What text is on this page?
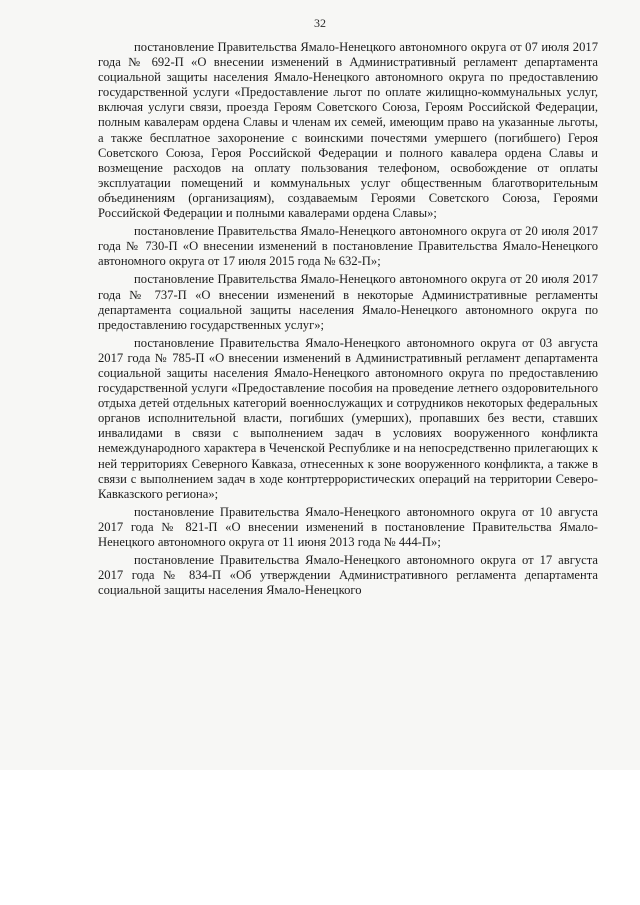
32

постановление Правительства Ямало-Ненецкого автономного округа от 07 июля 2017 года № 692-П «О внесении изменений в Административный регламент департамента социальной защиты населения Ямало-Ненецкого автономного округа по предоставлению государственной услуги «Предоставление льгот по оплате жилищно-коммунальных услуг, включая услуги связи, проезда Героям Советского Союза, Героям Российской Федерации, полным кавалерам ордена Славы и членам их семей, имеющим право на указанные льготы, а также бесплатное захоронение с воинскими почестями умершего (погибшего) Героя Советского Союза, Героя Российской Федерации и полного кавалера ордена Славы и возмещение расходов на оплату пользования телефоном, освобождение от оплаты эксплуатации помещений и коммунальных услуг общественным благотворительным объединениям (организациям), создаваемым Героями Советского Союза, Героями Российской Федерации и полными кавалерами ордена Славы»;

постановление Правительства Ямало-Ненецкого автономного округа от 20 июля 2017 года № 730-П «О внесении изменений в постановление Правительства Ямало-Ненецкого автономного округа от 17 июля 2015 года № 632-П»;

постановление Правительства Ямало-Ненецкого автономного округа от 20 июля 2017 года № 737-П «О внесении изменений в некоторые Административные регламенты департамента социальной защиты населения Ямало-Ненецкого автономного округа по предоставлению государственных услуг»;

постановление Правительства Ямало-Ненецкого автономного округа от 03 августа 2017 года № 785-П «О внесении изменений в Административный регламент департамента социальной защиты населения Ямало-Ненецкого автономного округа по предоставлению государственной услуги «Предоставление пособия на проведение летнего оздоровительного отдыха детей отдельных категорий военнослужащих и сотрудников некоторых федеральных органов исполнительной власти, погибших (умерших), пропавших без вести, ставших инвалидами в связи с выполнением задач в условиях вооруженного конфликта немеждународного характера в Чеченской Республике и на непосредственно прилегающих к ней территориях Северного Кавказа, отнесенных к зоне вооруженного конфликта, а также в связи с выполнением задач в ходе контртеррористических операций на территории Северо-Кавказского региона»;

постановление Правительства Ямало-Ненецкого автономного округа от 10 августа 2017 года № 821-П «О внесении изменений в постановление Правительства Ямало-Ненецкого автономного округа от 11 июня 2013 года № 444-П»;

постановление Правительства Ямало-Ненецкого автономного округа от 17 августа 2017 года № 834-П «Об утверждении Административного регламента департамента социальной защиты населения Ямало-Ненецкого
